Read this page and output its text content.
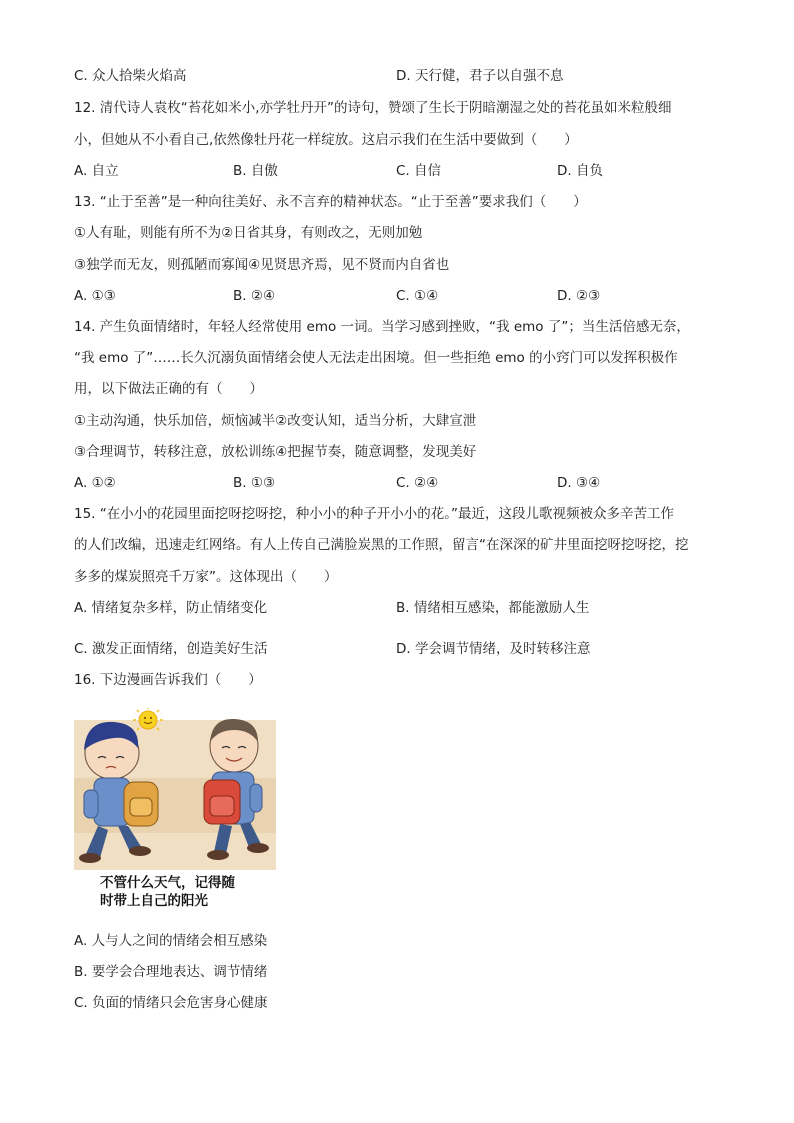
C. 众人拾柴火焰高	D. 天行健，君子以自强不息
12. 清代诗人袁枚“苔花如米小,亦学牡丹开”的诗句，赞颂了生长于阴暗潮湿之处的苔花虽如米粒般细
小，但她从不小看自己,依然像牡丹花一样绽放。这启示我们在生活中要做到（　　）
A. 自立	B. 自傲	C. 自信	D. 自负
13. “止于至善”是一种向往美好、永不言弃的精神状态。“止于至善”要求我们（　　）
①人有耻，则能有所不为②日省其身，有则改之，无则加勉
③独学而无友，则孤陋而寡闻④见贤思齐焉，见不贤而内自省也
A. ①③	B. ②④	C. ①④	D. ②③
14. 产生负面情绪时，年轻人经常使用 emo 一词。当学习感到挫败，“我 emo 了”；当生活倍感无奈，
“我 emo 了”……长久沉溺负面情绪会使人无法走出困境。但一些拒绝 emo 的小窍门可以发挥积极作
用，以下做法正确的有（　　）
①主动沟通，快乐加倍，烦恼减半②改变认知，适当分析，大肆宣泄
③合理调节，转移注意，放松训练④把握节奏，随意调整，发现美好
A. ①②	B. ①③	C. ②④	D. ③④
15. “在小小的花园里面挖呀挖呀挖，种小小的种子开小小的花。”最近，这段儿歌视频被众多辛苦工作
的人们改编，迅速走红网络。有人上传自己满脸炭黑的工作照，留言“在深深的矿井里面挖呀挖呀挖，挖
多多的煤炭照亮千万家”。这体现出（　　）
A. 情绪复杂多样，防止情绪变化	B. 情绪相互感染，都能激励人生
C. 激发正面情绪，创造美好生活	D. 学会调节情绪，及时转移注意
16. 下边漫画告诉我们（　　）
不管什么天气，记得随
时带上自己的阳光
A. 人与人之间的情绪会相互感染
B. 要学会合理地表达、调节情绪
C. 负面的情绪只会危害身心健康
